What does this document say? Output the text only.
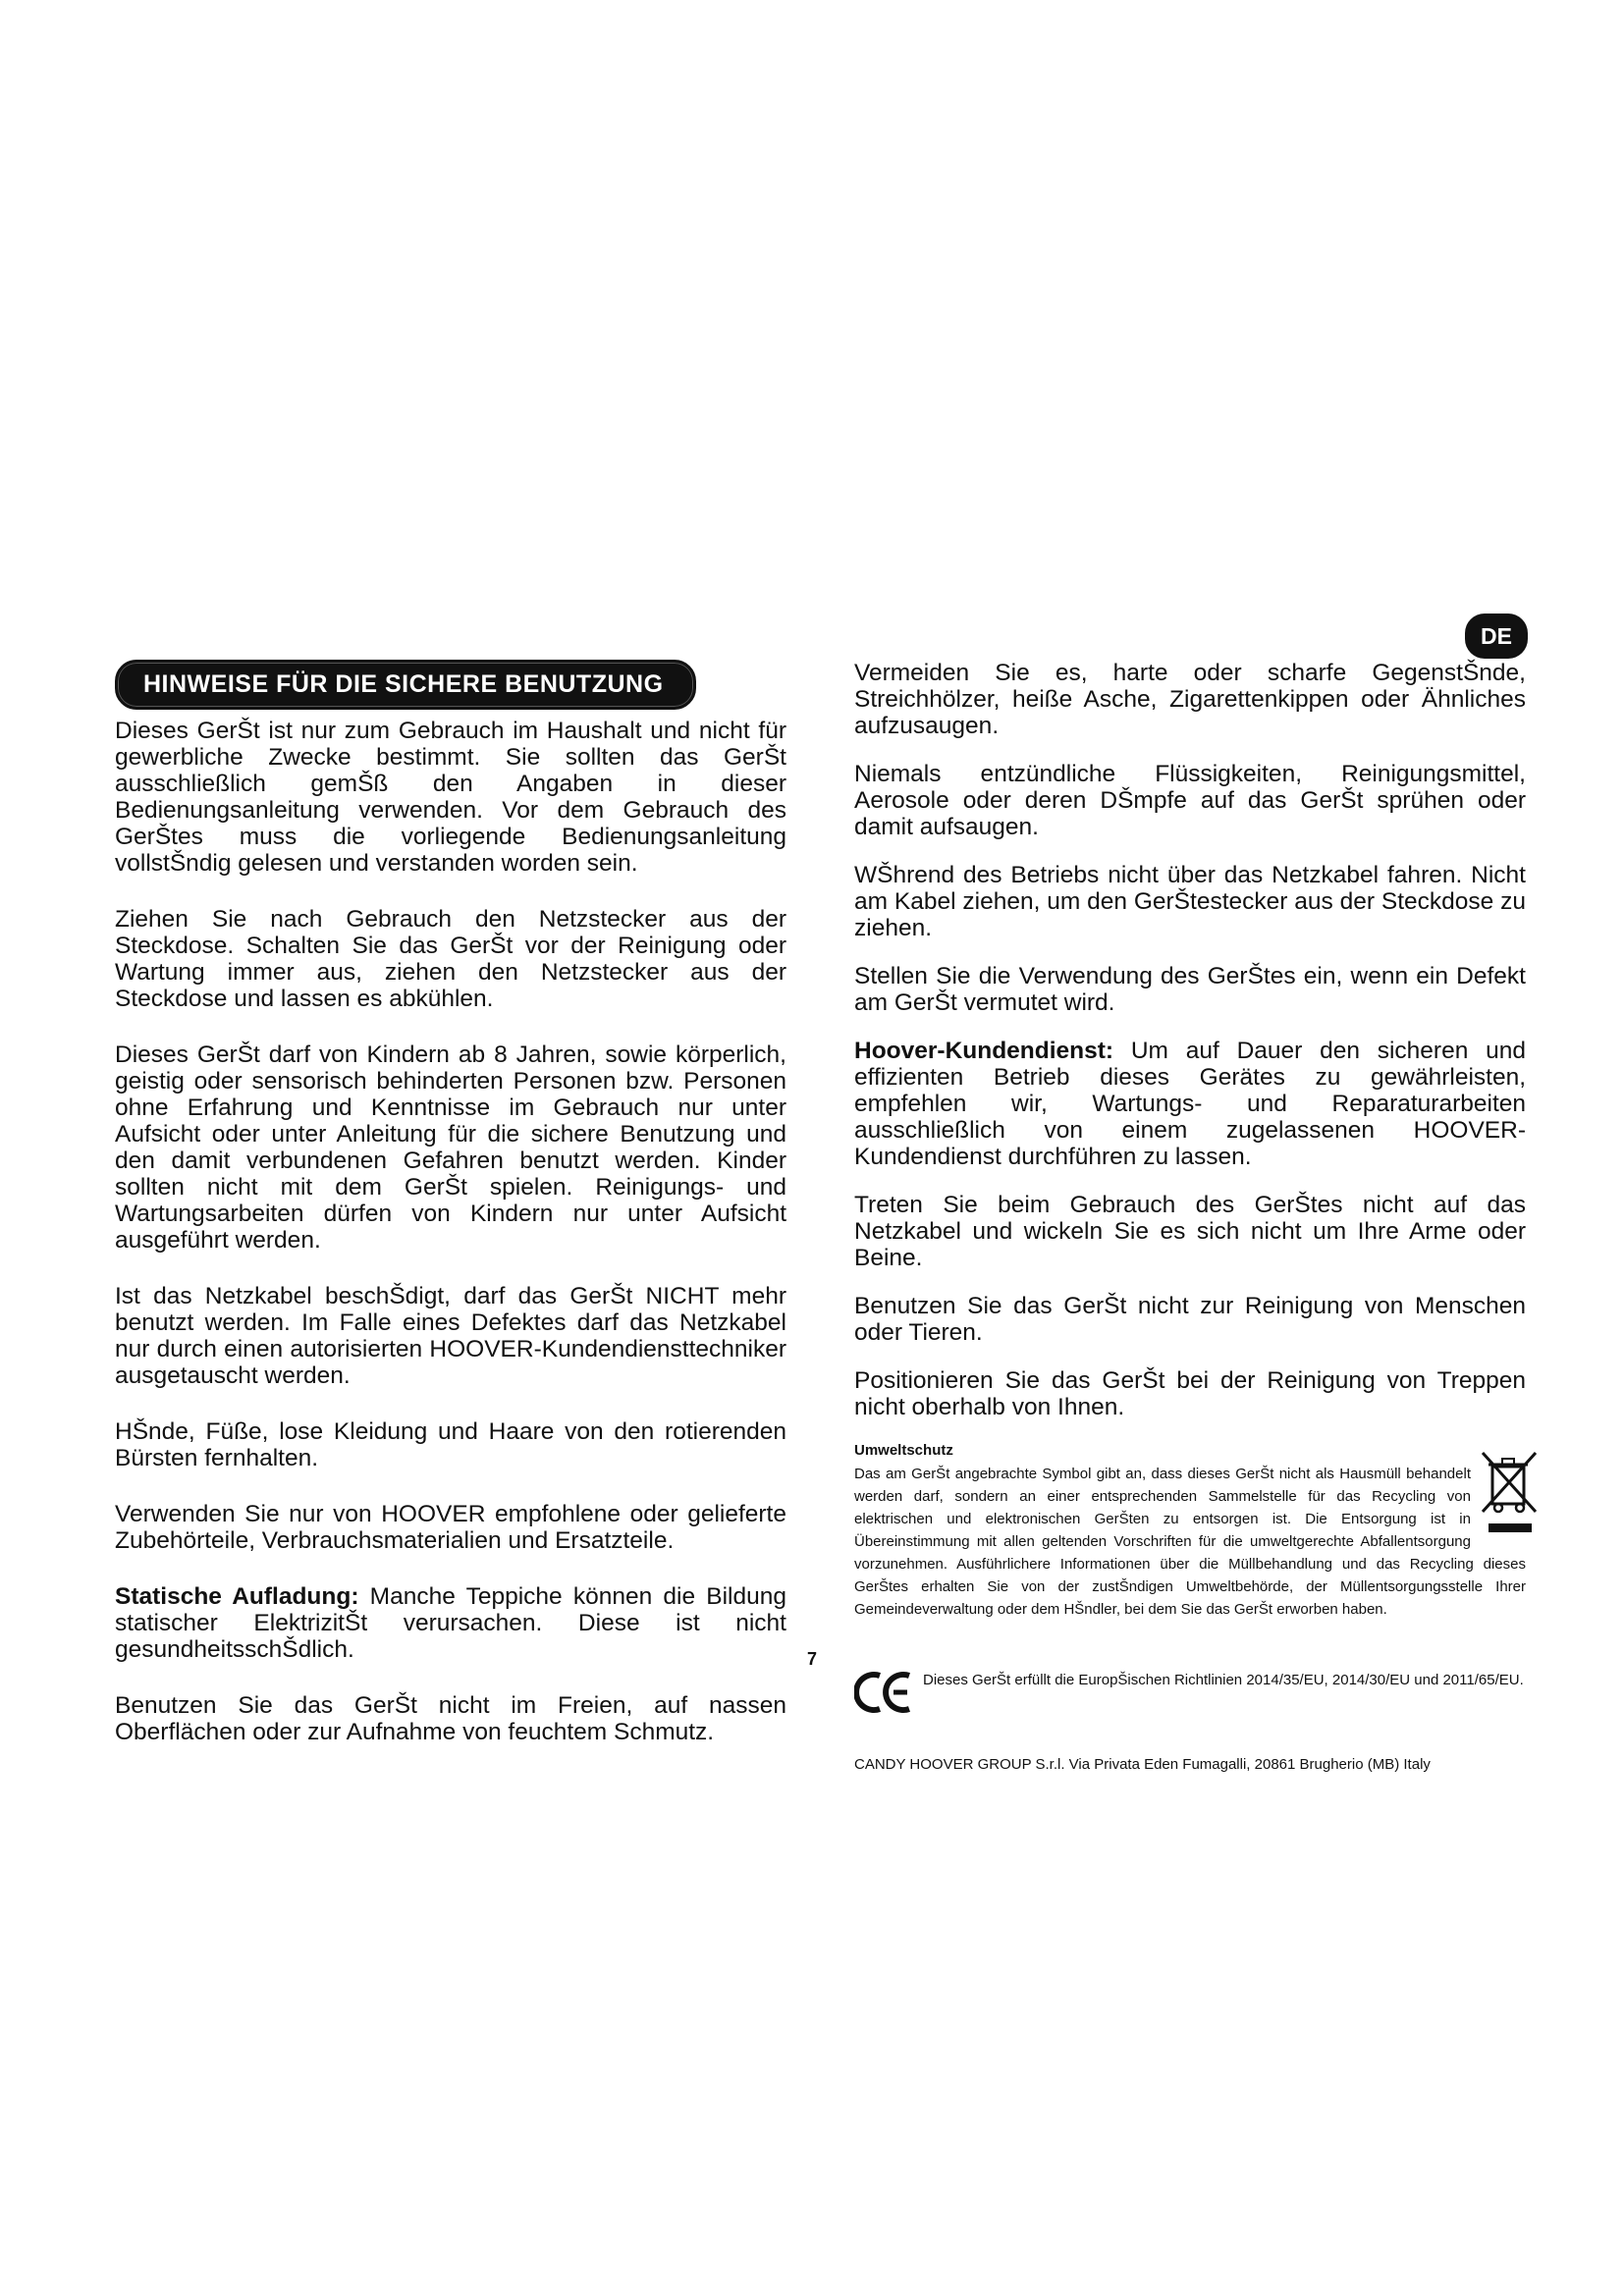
DE
HINWEISE FÜR DIE SICHERE BENUTZUNG

Dieses GerŠt ist nur zum Gebrauch im Haushalt und nicht für gewerbliche Zwecke bestimmt. Sie sollten das GerŠt ausschließlich gemŠß den Angaben in dieser Bedienungsanleitung verwenden. Vor dem Gebrauch des GerŠtes muss die vorliegende Bedienungsanleitung vollstŠndig gelesen und verstanden worden sein.

Ziehen Sie nach Gebrauch den Netzstecker aus der Steckdose. Schalten Sie das GerŠt vor der Reinigung oder Wartung immer aus, ziehen den Netzstecker aus der Steckdose und lassen es abkühlen.

Dieses GerŠt darf von Kindern ab 8 Jahren, sowie körperlich, geistig oder sensorisch behinderten Personen bzw. Personen ohne Erfahrung und Kenntnisse im Gebrauch nur unter Aufsicht oder unter Anleitung für die sichere Benutzung und den damit verbundenen Gefahren benutzt werden. Kinder sollten nicht mit dem GerŠt spielen. Reinigungs- und Wartungsarbeiten dürfen von Kindern nur unter Aufsicht ausgeführt werden.

Ist das Netzkabel beschŠdigt, darf das GerŠt NICHT mehr benutzt werden. Im Falle eines Defektes darf das Netzkabel nur durch einen autorisierten HOOVER-Kundendiensttechniker ausgetauscht werden.

HŠnde, Füße, lose Kleidung und Haare von den rotierenden Bürsten fernhalten.

Verwenden Sie nur von HOOVER empfohlene oder gelieferte Zubehörteile, Verbrauchsmaterialien und Ersatzteile.

Statische Aufladung: Manche Teppiche können die Bildung statischer ElektrizitŠt verursachen. Diese ist nicht gesundheitsschŠdlich.

Benutzen Sie das GerŠt nicht im Freien, auf nassen Oberflächen oder zur Aufnahme von feuchtem Schmutz.

7

Vermeiden Sie es, harte oder scharfe GegenstŠnde, Streichhölzer, heiße Asche, Zigarettenkippen oder Ähnliches aufzusaugen.

Niemals entzündliche Flüssigkeiten, Reinigungsmittel, Aerosole oder deren DŠmpfe auf das GerŠt sprühen oder damit aufsaugen.

WŠhrend des Betriebs nicht über das Netzkabel fahren. Nicht am Kabel ziehen, um den GerŠtestecker aus der Steckdose zu ziehen.

Stellen Sie die Verwendung des GerŠtes ein, wenn ein Defekt am GerŠt vermutet wird.

Hoover-Kundendienst: Um auf Dauer den sicheren und effizienten Betrieb dieses Gerätes zu gewährleisten, empfehlen wir, Wartungs- und Reparaturarbeiten ausschließlich von einem zugelassenen HOOVER-Kundendienst durchführen zu lassen.

Treten Sie beim Gebrauch des GerŠtes nicht auf das Netzkabel und wickeln Sie es sich nicht um Ihre Arme oder Beine.

Benutzen Sie das GerŠt nicht zur Reinigung von Menschen oder Tieren.

Positionieren Sie das GerŠt bei der Reinigung von Treppen nicht oberhalb von Ihnen.

Umweltschutz

Das am GerŠt angebrachte Symbol gibt an, dass dieses GerŠt nicht als Hausmüll behandelt werden darf, sondern an einer entsprechenden Sammelstelle für das Recycling von elektrischen und elektronischen GerŠten zu entsorgen ist. Die Entsorgung ist in Übereinstimmung mit allen geltenden Vorschriften für die umweltgerechte Abfallentsorgung vorzunehmen. Ausführlichere Informationen über die Müllbehandlung und das Recycling dieses GerŠtes erhalten Sie von der zustŠndigen Umweltbehörde, der Müllentsorgungsstelle Ihrer Gemeindeverwaltung oder dem HŠndler, bei dem Sie das GerŠt erworben haben.

Dieses GerŠt erfüllt die EuropŠischen Richtlinien 2014/35/EU, 2014/30/EU und 2011/65/EU.
CANDY HOOVER GROUP S.r.l. Via Privata Eden Fumagalli, 20861 Brugherio (MB) Italy
